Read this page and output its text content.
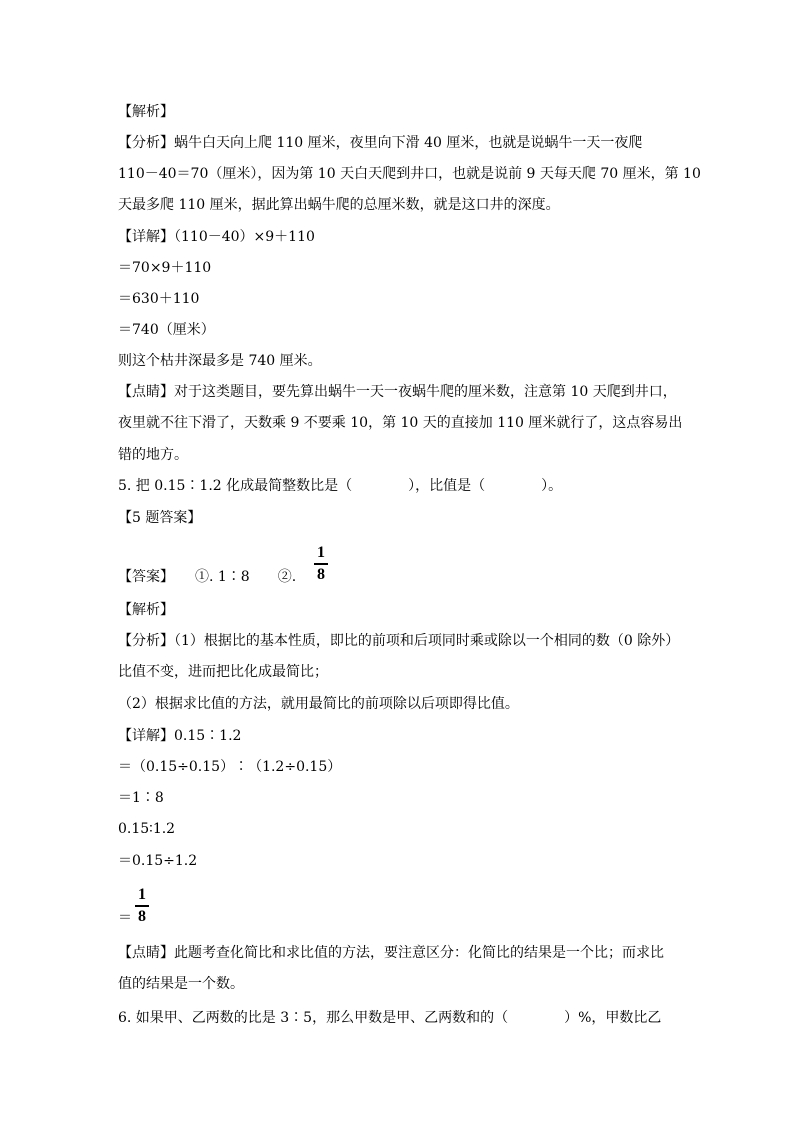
【解析】
【分析】蜗牛白天向上爬 110 厘米，夜里向下滑 40 厘米，也就是说蜗牛一天一夜爬
110－40＝70（厘米），因为第 10 天白天爬到井口，也就是说前 9 天每天爬 70 厘米，第 10
天最多爬 110 厘米，据此算出蜗牛爬的总厘米数，就是这口井的深度。
【详解】（110－40）×9＋110
＝70×9＋110
＝630＋110
＝740（厘米）
则这个枯井深最多是 740 厘米。
【点睛】对于这类题目，要先算出蜗牛一天一夜蜗牛爬的厘米数，注意第 10 天爬到井口，
夜里就不往下滑了，天数乘 9 不要乘 10，第 10 天的直接加 110 厘米就行了，这点容易出
错的地方。
5. 把 0.15∶1.2 化成最简整数比是（　　　　），比值是（　　　　）。
【5 题答案】
【答案】　　①. 1∶8　　②.
1
8
【解析】
【分析】（1）根据比的基本性质，即比的前项和后项同时乘或除以一个相同的数（0 除外）
比值不变，进而把比化成最简比；
（2）根据求比值的方法，就用最简比的前项除以后项即得比值。
【详解】0.15∶1.2
＝（0.15÷0.15）∶（1.2÷0.15）
＝1∶8
0.15∶1.2
＝0.15÷1.2
＝
1
8
【点睛】此题考查化简比和求比值的方法，要注意区分：化简比的结果是一个比；而求比
值的结果是一个数。
6. 如果甲、乙两数的比是 3∶5，那么甲数是甲、乙两数和的（　　　　）%，甲数比乙
